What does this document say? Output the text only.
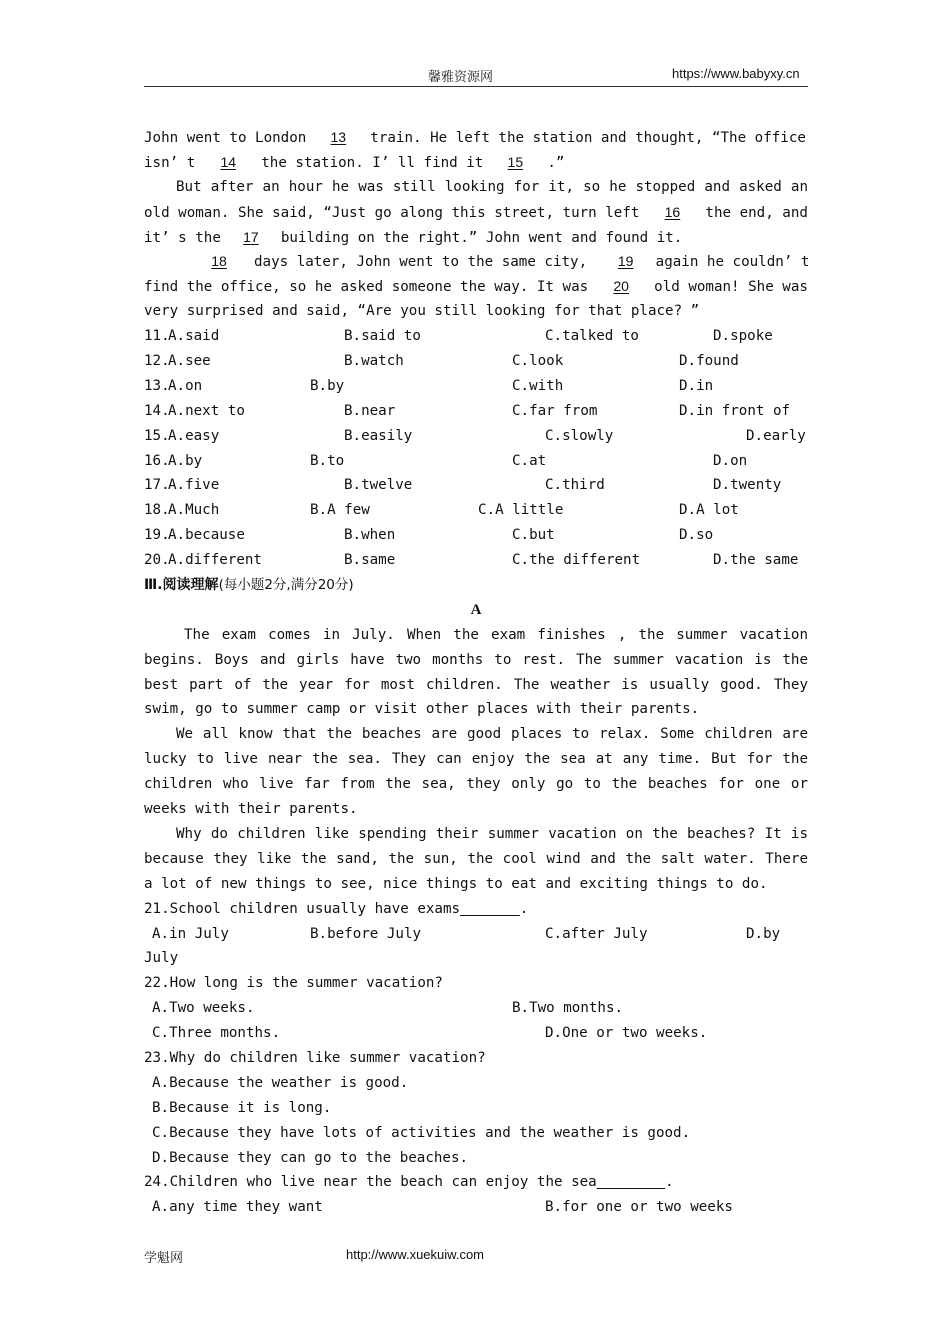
馨雅资源网	https://www.babyxy.cn
John went to London 13 train. He left the station and thought, “The office
isn’ t 14 the station. I’ ll find it 15 .”
But after an hour he was still looking for it, so he stopped and asked an
old woman. She said, “Just go along this street, turn left 16 the end, and
it’ s the 17 building on the right.” John went and found it.
18 days later, John went to the same city, 19 again he couldn’ t
find the office, so he asked someone the way. It was 20 old woman! She was
very surprised and said, “Are you still looking for that place? ”
11.
A.said	B.said to	C.talked to	D.spoke
12.
A.see	B.watch	C.look	D.found
13.
A.on	B.by	C.with	D.in
14.
A.next to	B.near	C.far from	D.in front of
15.
A.easy	B.easily	C.slowly	D.early
16.
A.by	B.to	C.at	D.on
17.
A.five	B.twelve	C.third	D.twenty
18.
A.Much	B.A few	C.A little	D.A lot
19.
A.because	B.when	C.but	D.so
20.
A.different	B.same	C.the different	D.the same
Ⅲ.阅读理解(每小题2分,满分20分)
A
The exam comes in July. When the exam finishes , the summer vacation
begins. Boys and girls have two months to rest. The summer vacation is the
best part of the year for most children. The weather is usually good. They
swim, go to summer camp or visit other places with their parents.
We all know that the beaches are good places to relax. Some children are
lucky to live near the sea. They can enjoy the sea at any time. But for the
children who live far from the sea, they only go to the beaches for one or
weeks with their parents.
Why do children like spending their summer vacation on the beaches? It is
because they like the sand, the sun, the cool wind and the salt water. There
a lot of new things to see, nice things to eat and exciting things to do.
21.School children usually have exams	.
A.in July	B.before July	C.after July	D.by
July
22.How long is the summer vacation?
A.Two weeks.	B.Two months.
C.Three months.	D.One or two weeks.
23.Why do children like summer vacation?
A.Because the weather is good.
B.Because it is long.
C.Because they have lots of activities and the weather is good.
D.Because they can go to the beaches.
24.Children who live near the beach can enjoy the sea	.
A.any time they want	B.for one or two weeks
学魁网	http://www.xuekuiw.com
